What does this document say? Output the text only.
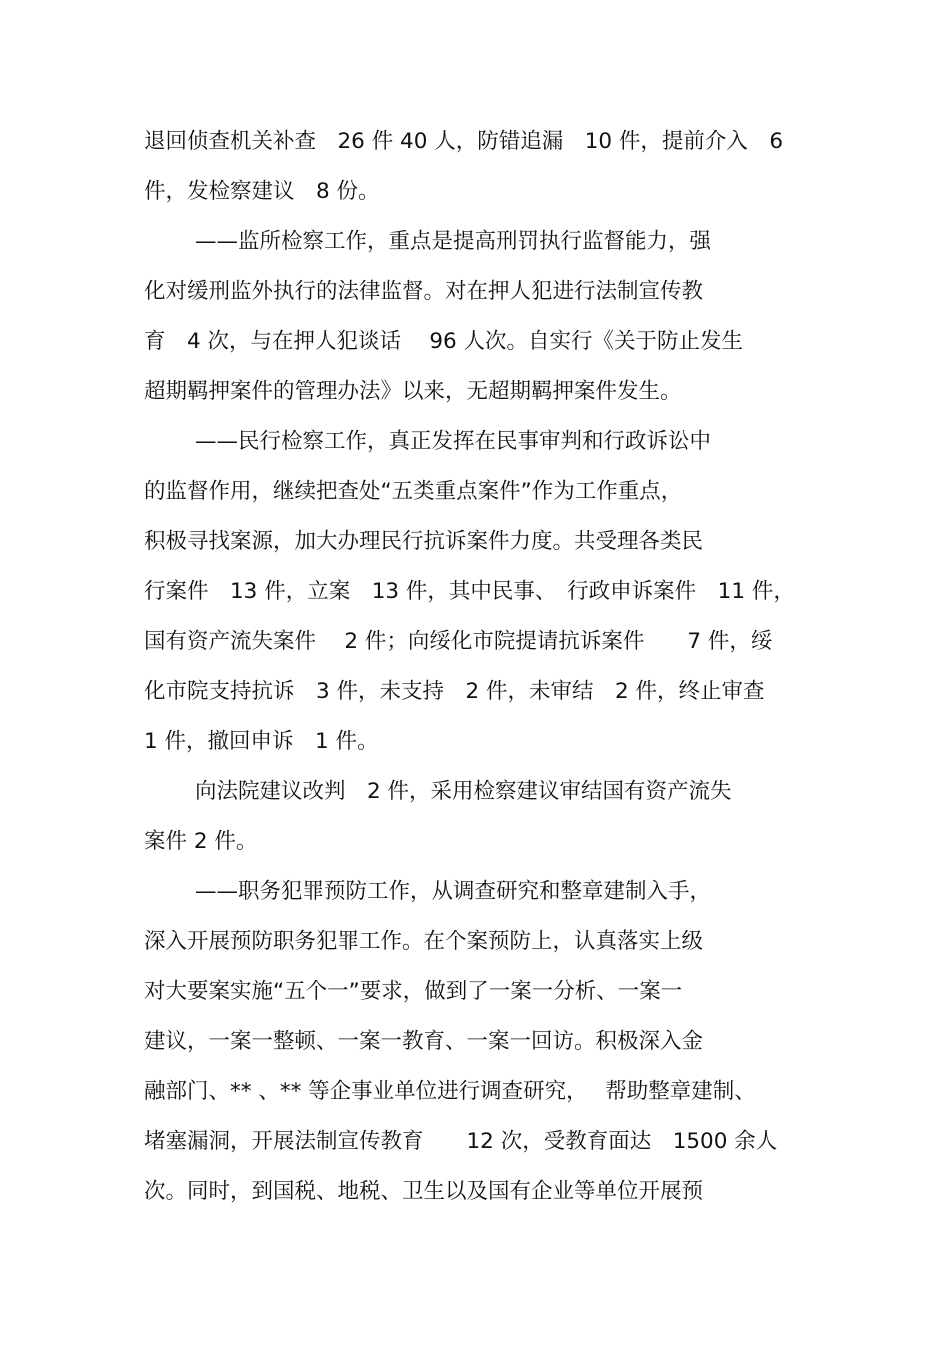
退回侦查机关补查　26 件 40 人，防错追漏　10 件，提前介入　6

件，发检察建议　8 份。

——监所检察工作，重点是提高刑罚执行监督能力，强

化对缓刑监外执行的法律监督。对在押人犯进行法制宣传教

育　4 次，与在押人犯谈话　 96 人次。自实行《关于防止发生

超期羁押案件的管理办法》以来，无超期羁押案件发生。

——民行检察工作，真正发挥在民事审判和行政诉讼中

的监督作用，继续把查处“五类重点案件”作为工作重点，

积极寻找案源，加大办理民行抗诉案件力度。共受理各类民

行案件　13 件，立案　13 件，其中民事、　行政申诉案件　11 件，

国有资产流失案件　 2 件；向绥化市院提请抗诉案件　　7 件，绥

化市院支持抗诉　3 件，未支持　2 件，未审结　2 件，终止审查

1 件，撤回申诉　1 件。

向法院建议改判　2 件，采用检察建议审结国有资产流失

案件 2 件。

——职务犯罪预防工作，从调查研究和整章建制入手，

深入开展预防职务犯罪工作。在个案预防上，认真落实上级

对大要案实施“五个一”要求，做到了一案一分析、一案一

建议，一案一整顿、一案一教育、一案一回访。积极深入金

融部门、** 、** 等企事业单位进行调查研究，　 帮助整章建制、

堵塞漏洞，开展法制宣传教育　　12 次，受教育面达　1500 余人

次。同时，到国税、地税、卫生以及国有企业等单位开展预
